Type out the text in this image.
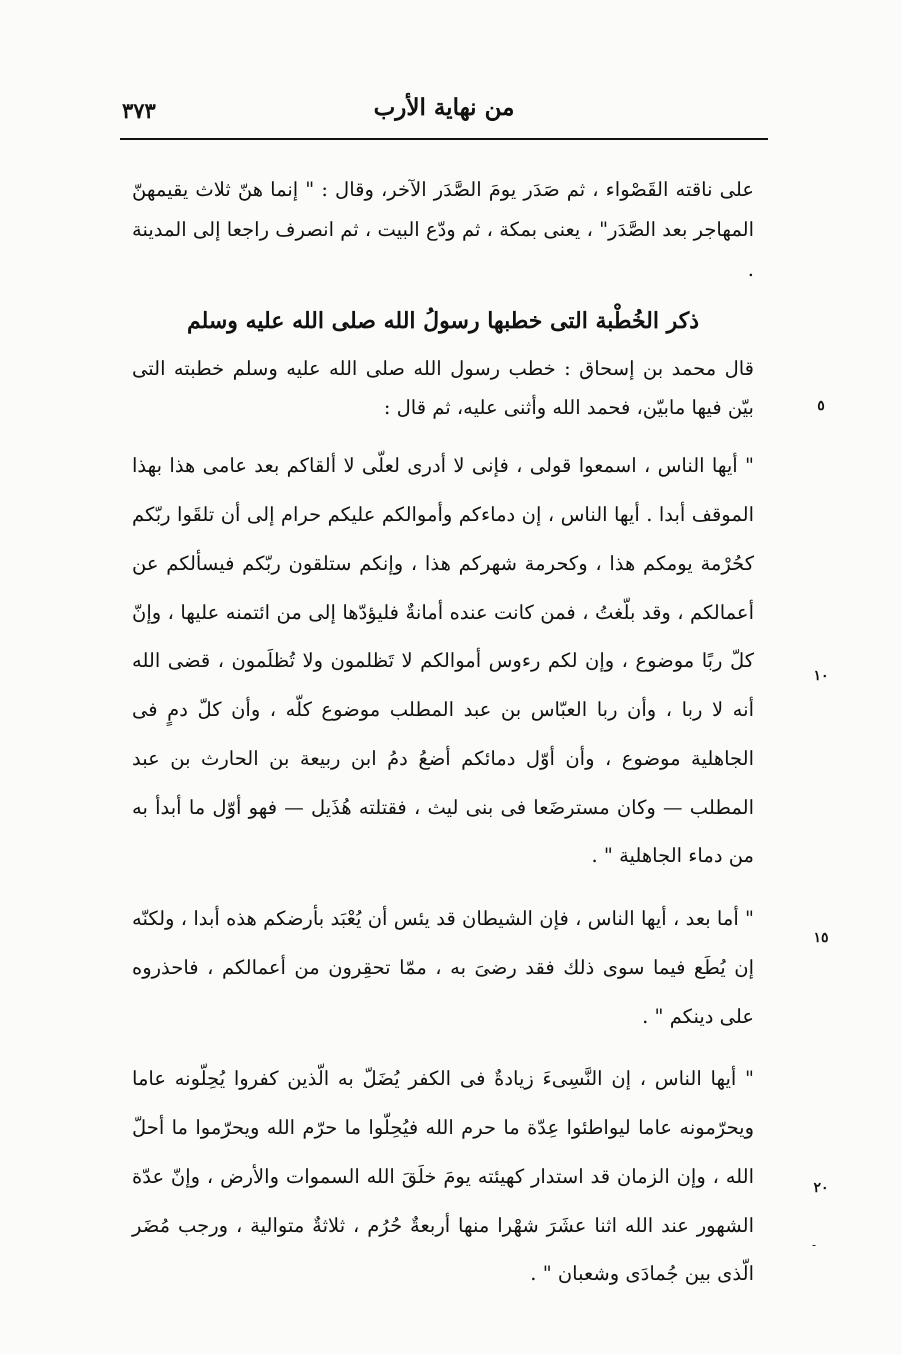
٣٧٣	من نهاية الأرب

على ناقته القَصْواء ، ثم صَدَر يومَ الصَّدَر الآخر، وقال : " إنما هنّ ثلاث يقيمهنّ المهاجر بعد الصَّدَر" ، يعنى بمكة ، ثم ودّع البيت ، ثم انصرف راجعا إلى المدينة .

ذكر الخُطْبة التى خطبها رسولُ الله صلى الله عليه وسلم

قال محمد بن إسحاق : خطب رسول الله صلى الله عليه وسلم خطبته التى بيّن فيها مابيّن، فحمد الله وأثنى عليه، ثم قال :

" أيها الناس ، اسمعوا قولى ، فإنى لا أدرى لعلّى لا ألقاكم بعد عامى هذا بهذا الموقف أبدا . أيها الناس ، إن دماءكم وأموالكم عليكم حرام إلى أن تلقَوا ربّكم كحُرْمة يومكم هذا ، وكحرمة شهركم هذا ، وإنكم ستلقون ربّكم فيسألكم عن أعمالكم ، وقد بلّغتُ ، فمن كانت عنده أمانةٌ فليؤدّها إلى من ائتمنه عليها ، وإنّ كلّ ربًا موضوع ، وإن لكم رءوس أموالكم لا تَظلمون ولا تُظلَمون ، قضى الله أنه لا ربا ، وأن ربا العبّاس بن عبد المطلب موضوع كلّه ، وأن كلّ دمٍ فى الجاهلية موضوع ، وأن أوّل دمائكم أضعُ دمُ ابن ربيعة بن الحارث بن عبد المطلب — وكان مسترضَعا فى بنى ليث ، فقتلته هُذَيل — فهو أوّل ما أبدأ به من دماء الجاهلية " .

" أما بعد ، أيها الناس ، فإن الشيطان قد يئس أن يُعْبَد بأرضكم هذه أبدا ، ولكنّه إن يُطَع فيما سوى ذلك فقد رضىَ به ، ممّا تحقِرون من أعمالكم ، فاحذروه على دينكم " .

" أيها الناس ، إن النَّسِىءَ زيادةٌ فى الكفر يُضَلّ به الّذين كفروا يُحِلّونه عاما ويحرّمونه عاما ليواطئوا عِدّة ما حرم الله فيُحِلّوا ما حرّم الله ويحرّموا ما أحلّ الله ، وإن الزمان قد استدار كهيئته يومَ خلَقَ الله السموات والأرض ، وإنّ عدّة الشهور عند الله اثنا عشَرَ شهْرا منها أربعةٌ حُرُم ، ثلاثةٌ متوالية ، ورجب مُضَر الّذى بين جُمادَى وشعبان " .

٥
١٠
١٥
٢٠
-
